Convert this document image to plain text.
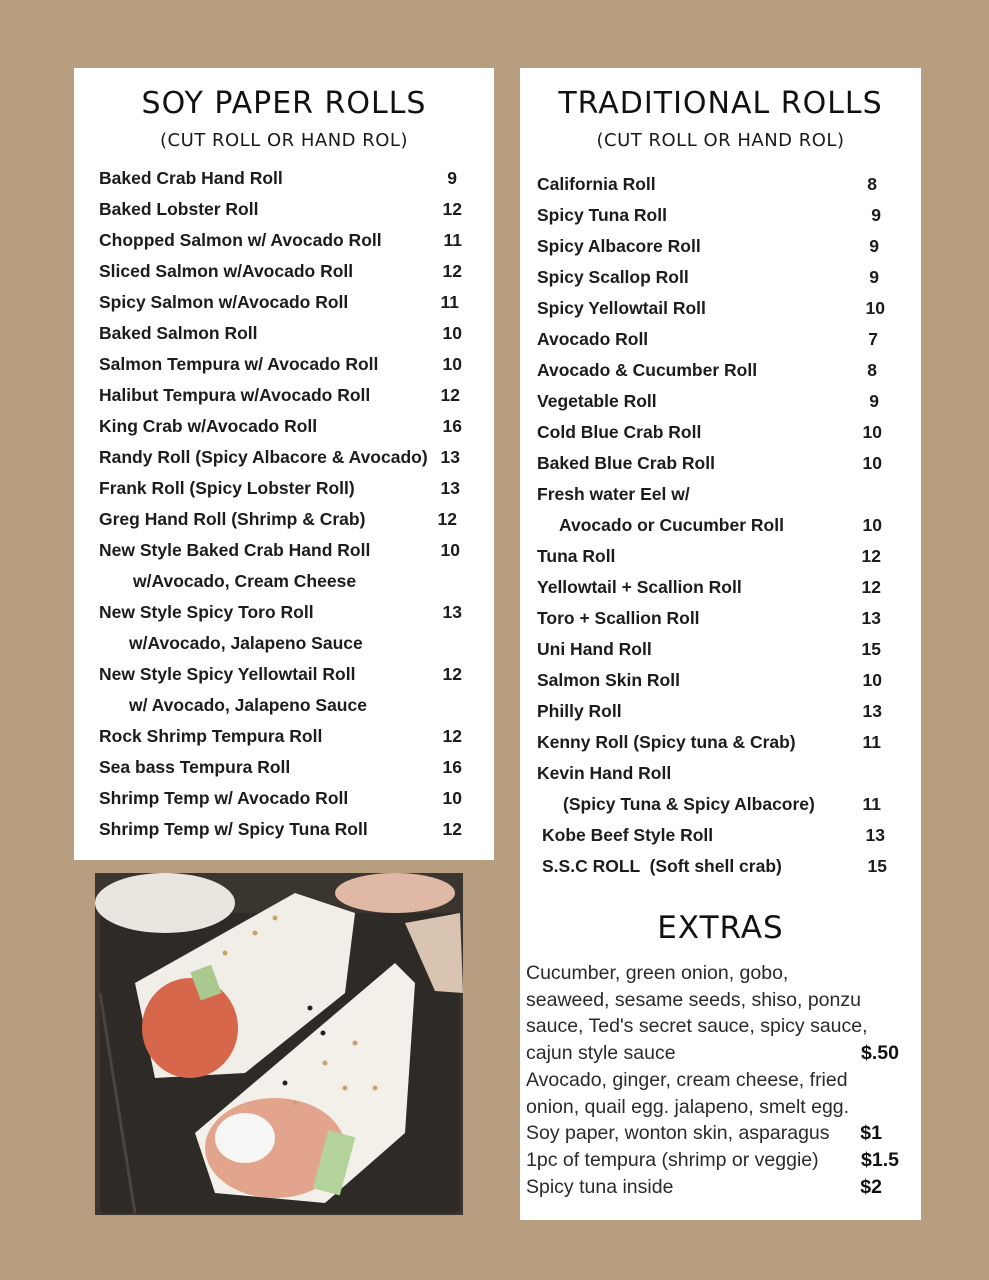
SOY PAPER ROLLS
(CUT ROLL OR HAND ROL)
Baked Crab Hand Roll	9
Baked Lobster Roll	12
Chopped Salmon w/ Avocado Roll	11
Sliced Salmon w/Avocado Roll	12
Spicy Salmon w/Avocado Roll	11
Baked Salmon Roll	10
Salmon Tempura w/ Avocado Roll	10
Halibut Tempura w/Avocado Roll	12
King Crab w/Avocado Roll	16
Randy Roll (Spicy Albacore & Avocado) 13
Frank Roll (Spicy Lobster Roll)	13
Greg Hand Roll (Shrimp & Crab)	12
New Style Baked Crab Hand Roll	10
w/Avocado, Cream Cheese
New Style Spicy Toro Roll	13
w/Avocado, Jalapeno Sauce
New Style Spicy Yellowtail Roll	12
w/ Avocado, Jalapeno Sauce
Rock Shrimp Tempura Roll	12
Sea bass Tempura Roll	16
Shrimp Temp w/ Avocado Roll	10
Shrimp Temp w/ Spicy Tuna Roll	12
TRADITIONAL ROLLS
(CUT ROLL OR HAND ROL)
California Roll	8
Spicy Tuna Roll	9
Spicy Albacore Roll	9
Spicy Scallop Roll	9
Spicy Yellowtail Roll	10
Avocado Roll	7
Avocado & Cucumber Roll	8
Vegetable Roll	9
Cold Blue Crab Roll	10
Baked Blue Crab Roll	10
Fresh water Eel w/
Avocado or Cucumber Roll	10
Tuna Roll	12
Yellowtail + Scallion Roll	12
Toro + Scallion Roll	13
Uni Hand Roll	15
Salmon Skin Roll	10
Philly Roll	13
Kenny Roll (Spicy tuna & Crab)	11
Kevin Hand Roll
(Spicy Tuna & Spicy Albacore)	11
Kobe Beef Style Roll	13
S.S.C ROLL  (Soft shell crab)	15
EXTRAS
Cucumber, green onion, gobo,
seaweed, sesame seeds, shiso, ponzu
sauce, Ted's secret sauce, spicy sauce,
cajun style sauce	$.50
Avocado, ginger, cream cheese, fried
onion, quail egg. jalapeno, smelt egg.
Soy paper, wonton skin, asparagus $1
1pc of tempura (shrimp or veggie) $1.5
Spicy tuna inside	$2
